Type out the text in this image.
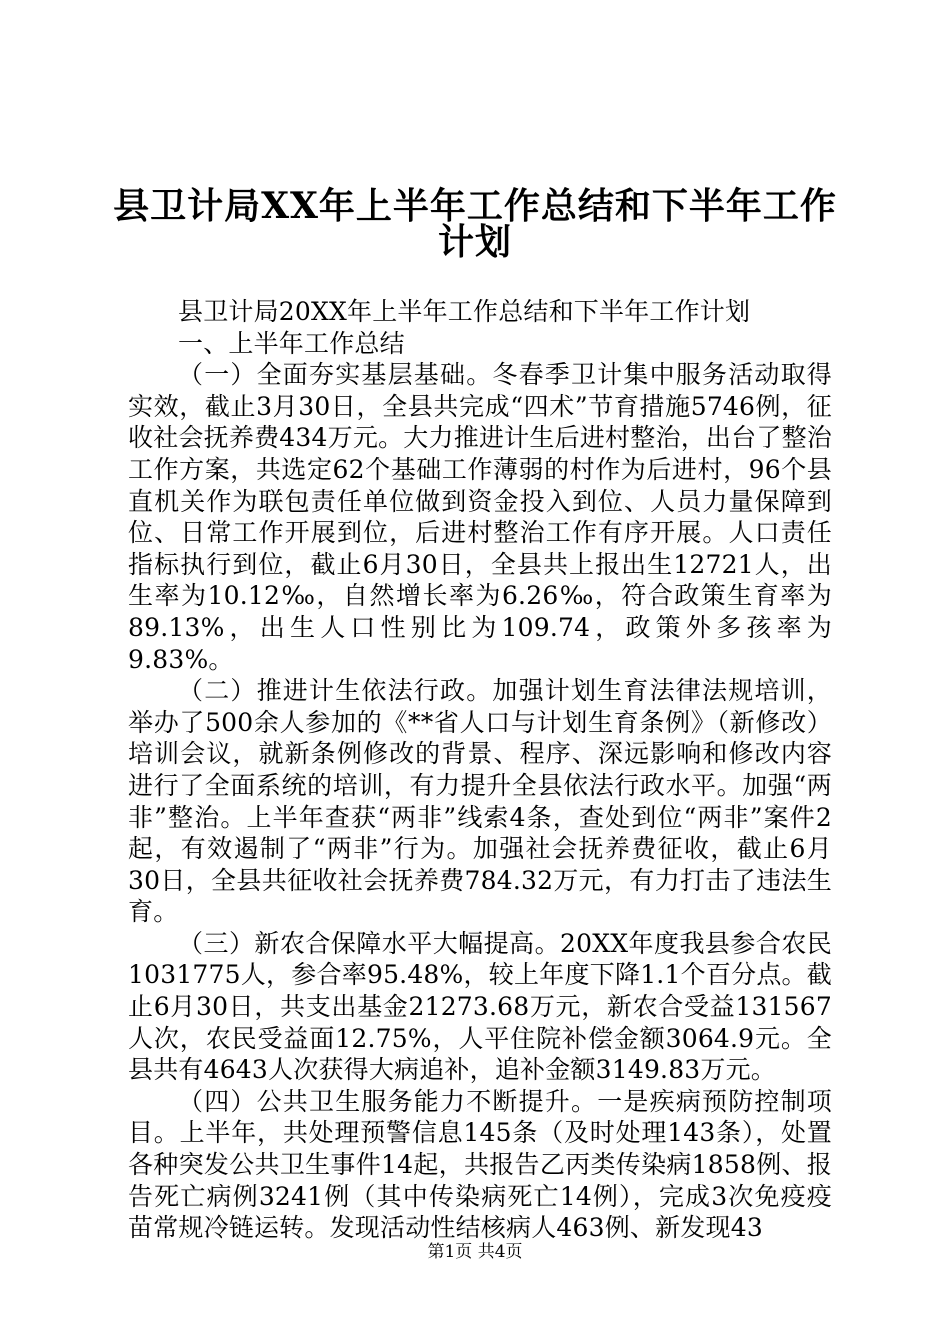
县卫计局XX年上半年工作总结和下半年工作
计划

县卫计局20XX年上半年工作总结和下半年工作计划

一、上半年工作总结

（一）全面夯实基层基础。冬春季卫计集中服务活动取得实效，截止3月30日，全县共完成“四术”节育措施5746例，征收社会抚养费434万元。大力推进计生后进村整治，出台了整治工作方案，共选定62个基础工作薄弱的村作为后进村，96个县直机关作为联包责任单位做到资金投入到位、人员力量保障到位、日常工作开展到位，后进村整治工作有序开展。人口责任指标执行到位，截止6月30日，全县共上报出生12721人，出生率为10.12‰，自然增长率为6.26‰，符合政策生育率为89.13%，出生人口性别比为109.74，政策外多孩率为9.83%。

（二）推进计生依法行政。加强计划生育法律法规培训，举办了500余人参加的《**省人口与计划生育条例》（新修改）培训会议，就新条例修改的背景、程序、深远影响和修改内容进行了全面系统的培训，有力提升全县依法行政水平。加强“两非”整治。上半年查获“两非”线索4条，查处到位“两非”案件2起，有效遏制了“两非”行为。加强社会抚养费征收，截止6月30日，全县共征收社会抚养费784.32万元，有力打击了违法生育。

（三）新农合保障水平大幅提高。20XX年度我县参合农民1031775人，参合率95.48%，较上年度下降1.1个百分点。截止6月30日，共支出基金21273.68万元，新农合受益131567人次，农民受益面12.75%，人平住院补偿金额3064.9元。全县共有4643人次获得大病追补，追补金额3149.83万元。

（四）公共卫生服务能力不断提升。一是疾病预防控制项目。上半年，共处理预警信息145条（及时处理143条），处置各种突发公共卫生事件14起，共报告乙丙类传染病1858例、报告死亡病例3241例（其中传染病死亡14例），完成3次免疫疫苗常规冷链运转。发现活动性结核病人463例、新发现43

第1页 共4页
